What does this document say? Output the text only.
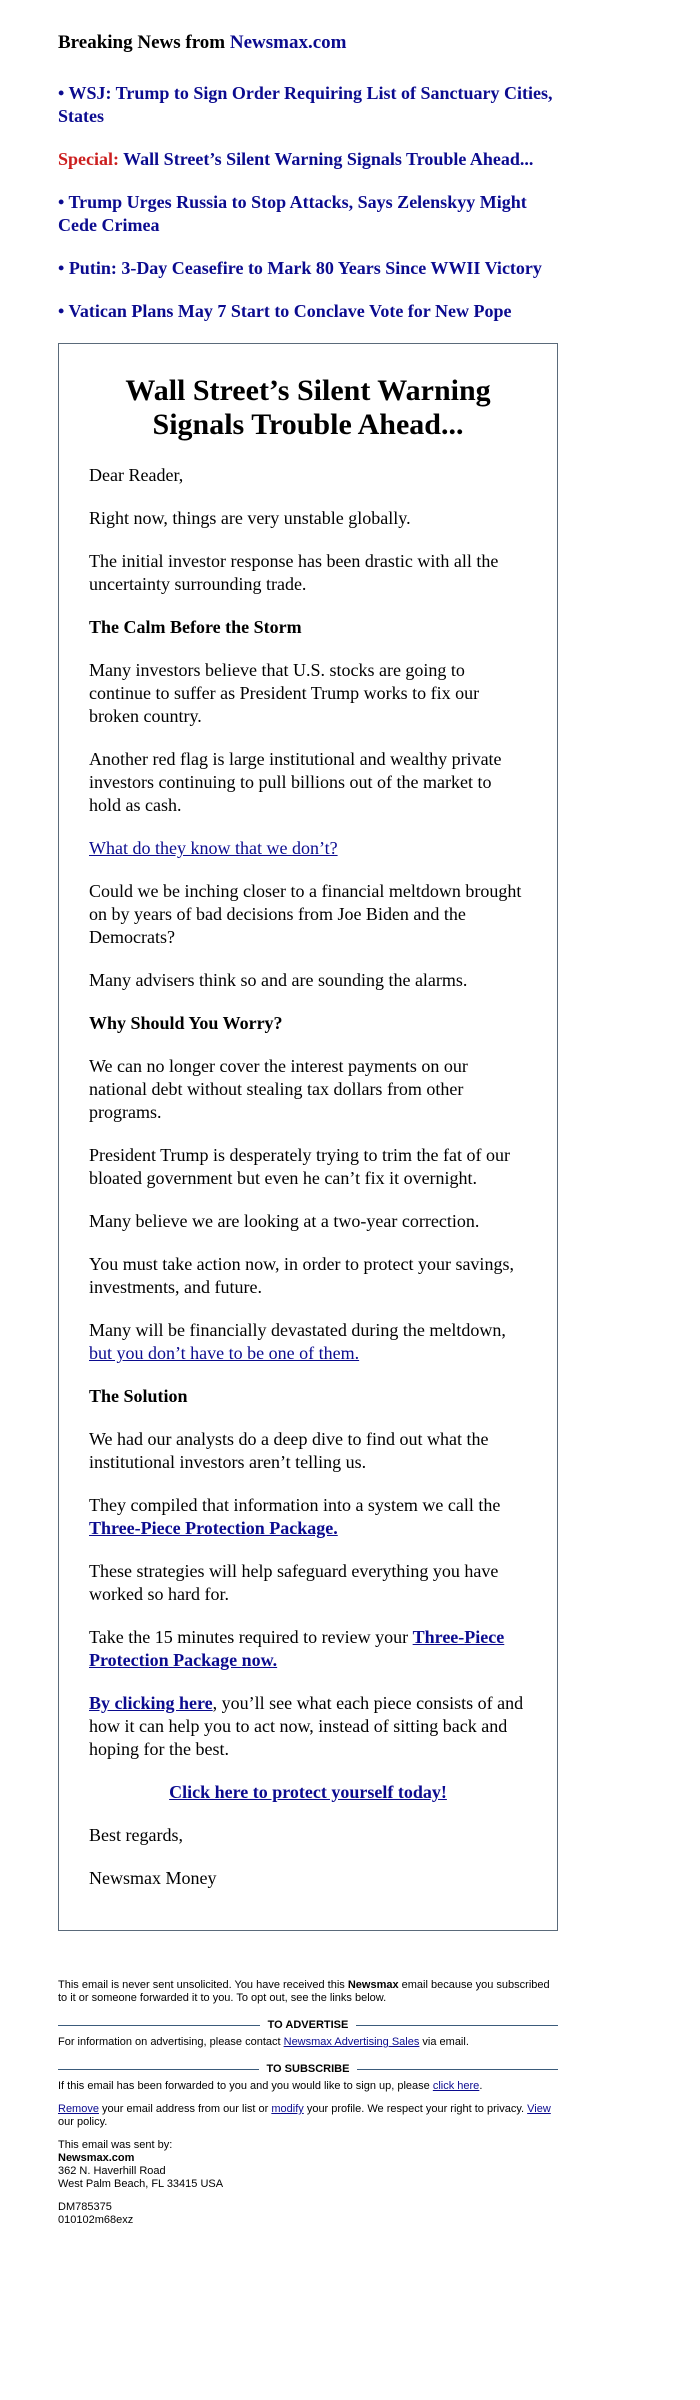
Breaking News from Newsmax.com
• WSJ: Trump to Sign Order Requiring List of Sanctuary Cities, States
Special: Wall Street’s Silent Warning Signals Trouble Ahead...
• Trump Urges Russia to Stop Attacks, Says Zelenskyy Might Cede Crimea
• Putin: 3-Day Ceasefire to Mark 80 Years Since WWII Victory
• Vatican Plans May 7 Start to Conclave Vote for New Pope
Wall Street’s Silent Warning Signals Trouble Ahead...

Dear Reader,

Right now, things are very unstable globally.

The initial investor response has been drastic with all the uncertainty surrounding trade.

The Calm Before the Storm

Many investors believe that U.S. stocks are going to continue to suffer as President Trump works to fix our broken country.

Another red flag is large institutional and wealthy private investors continuing to pull billions out of the market to hold as cash.

What do they know that we don’t?

Could we be inching closer to a financial meltdown brought on by years of bad decisions from Joe Biden and the Democrats?

Many advisers think so and are sounding the alarms.

Why Should You Worry?

We can no longer cover the interest payments on our national debt without stealing tax dollars from other programs.

President Trump is desperately trying to trim the fat of our bloated government but even he can’t fix it overnight.

Many believe we are looking at a two-year correction.

You must take action now, in order to protect your savings, investments, and future.

Many will be financially devastated during the meltdown, but you don’t have to be one of them.

The Solution

We had our analysts do a deep dive to find out what the institutional investors aren’t telling us.

They compiled that information into a system we call the Three-Piece Protection Package.

These strategies will help safeguard everything you have worked so hard for.

Take the 15 minutes required to review your Three-Piece Protection Package now.

By clicking here, you’ll see what each piece consists of and how it can help you to act now, instead of sitting back and hoping for the best.

Click here to protect yourself today!

Best regards,

Newsmax Money

This email is never sent unsolicited. You have received this Newsmax email because you subscribed to it or someone forwarded it to you. To opt out, see the links below.

TO ADVERTISE

For information on advertising, please contact Newsmax Advertising Sales via email.

TO SUBSCRIBE

If this email has been forwarded to you and you would like to sign up, please click here.

Remove your email address from our list or modify your profile. We respect your right to privacy. View our policy.

This email was sent by:
Newsmax.com
362 N. Haverhill Road
West Palm Beach, FL 33415 USA

DM785375
010102m68exz
